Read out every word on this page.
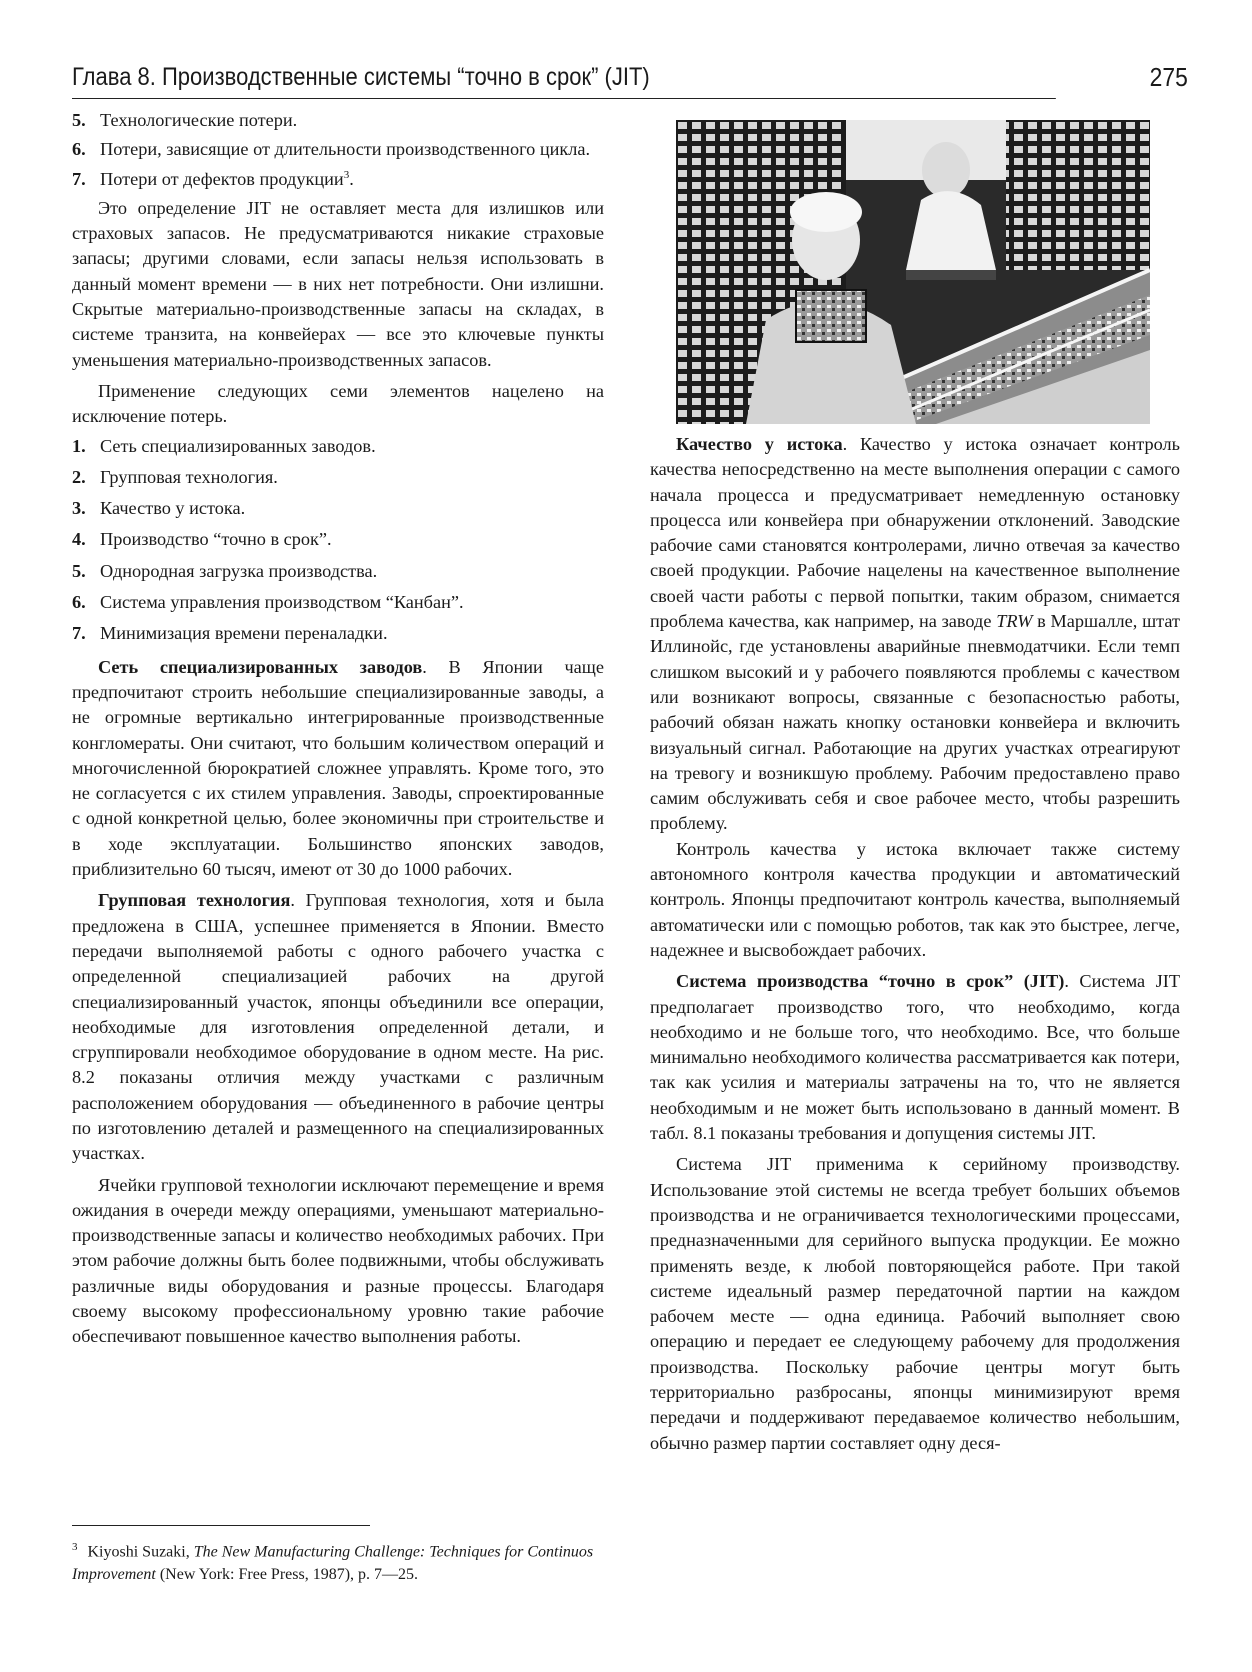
Глава 8. Производственные системы “точно в срок” (JIT)	275
5. Технологические потери.
6. Потери, зависящие от длительности производственного цикла.
7. Потери от дефектов продукции$^3$.

Это определение JIT не оставляет места для излишков или страховых запасов. Не предусматриваются никакие страховые запасы; другими словами, если запасы нельзя использовать в данный момент времени — в них нет потребности. Они излишни. Скрытые материально-производственные запасы на складах, в системе транзита, на конвейерах — все это ключевые пункты уменьшения материально-производственных запасов.

Применение следующих семи элементов нацелено на исключение потерь.

1. Сеть специализированных заводов.
2. Групповая технология.
3. Качество у истока.
4. Производство “точно в срок”.
5. Однородная загрузка производства.
6. Система управления производством “Канбан”.
7. Минимизация времени переналадки.

Сеть специализированных заводов. В Японии чаще предпочитают строить небольшие специализированные заводы, а не огромные вертикально интегрированные производственные конгломераты. Они считают, что большим количеством операций и многочисленной бюрократией сложнее управлять. Кроме того, это не согласуется с их стилем управления. Заводы, спроектированные с одной конкретной целью, более экономичны при строительстве и в ходе эксплуатации. Большинство японских заводов, приблизительно 60 тысяч, имеют от 30 до 1000 рабочих.

Групповая технология. Групповая технология, хотя и была предложена в США, успешнее применяется в Японии. Вместо передачи выполняемой работы с одного рабочего участка с определенной специализацией рабочих на другой специализированный участок, японцы объединили все операции, необходимые для изготовления определенной детали, и сгруппировали необходимое оборудование в одном месте. На рис. 8.2 показаны отличия между участками с различным расположением оборудования — объединенного в рабочие центры по изготовлению деталей и размещенного на специализированных участках.

Ячейки групповой технологии исключают перемещение и время ожидания в очереди между операциями, уменьшают материально-производственные запасы и количество необходимых рабочих. При этом рабочие должны быть более подвижными, чтобы обслуживать различные виды оборудования и разные процессы. Благодаря своему высокому профессиональному уровню такие рабочие обеспечивают повышенное качество выполнения работы.

$^3$ Kiyoshi Suzaki, The New Manufacturing Challenge: Techniques for Continuos Improvement (New York: Free Press, 1987), p. 7—25.

Качество у истока. Качество у истока означает контроль качества непосредственно на месте выполнения операции с самого начала процесса и предусматривает немедленную остановку процесса или конвейера при обнаружении отклонений. Заводские рабочие сами становятся контролерами, лично отвечая за качество своей продукции. Рабочие нацелены на качественное выполнение своей части работы с первой попытки, таким образом, снимается проблема качества, как например, на заводе TRW в Маршалле, штат Иллинойс, где установлены аварийные пневмодатчики. Если темп слишком высокий и у рабочего появляются проблемы с качеством или возникают вопросы, связанные с безопасностью работы, рабочий обязан нажать кнопку остановки конвейера и включить визуальный сигнал. Работающие на других участках отреагируют на тревогу и возникшую проблему. Рабочим предоставлено право самим обслуживать себя и свое рабочее место, чтобы разрешить проблему.

Контроль качества у истока включает также систему автономного контроля качества продукции и автоматический контроль. Японцы предпочитают контроль качества, выполняемый автоматически или с помощью роботов, так как это быстрее, легче, надежнее и высвобождает рабочих.

Система производства “точно в срок” (JIT). Система JIT предполагает производство того, что необходимо, когда необходимо и не больше того, что необходимо. Все, что больше минимально необходимого количества рассматривается как потери, так как усилия и материалы затрачены на то, что не является необходимым и не может быть использовано в данный момент. В табл. 8.1 показаны требования и допущения системы JIT.

Система JIT применима к серийному производству. Использование этой системы не всегда требует больших объемов производства и не ограничивается технологическими процессами, предназначенными для серийного выпуска продукции. Ее можно применять везде, к любой повторяющейся работе. При такой системе идеальный размер передаточной партии на каждом рабочем месте — одна единица. Рабочий выполняет свою операцию и передает ее следующему рабочему для продолжения производства. Поскольку рабочие центры могут быть территориально разбросаны, японцы минимизируют время передачи и поддерживают передаваемое количество небольшим, обычно размер партии составляет одну деся-
